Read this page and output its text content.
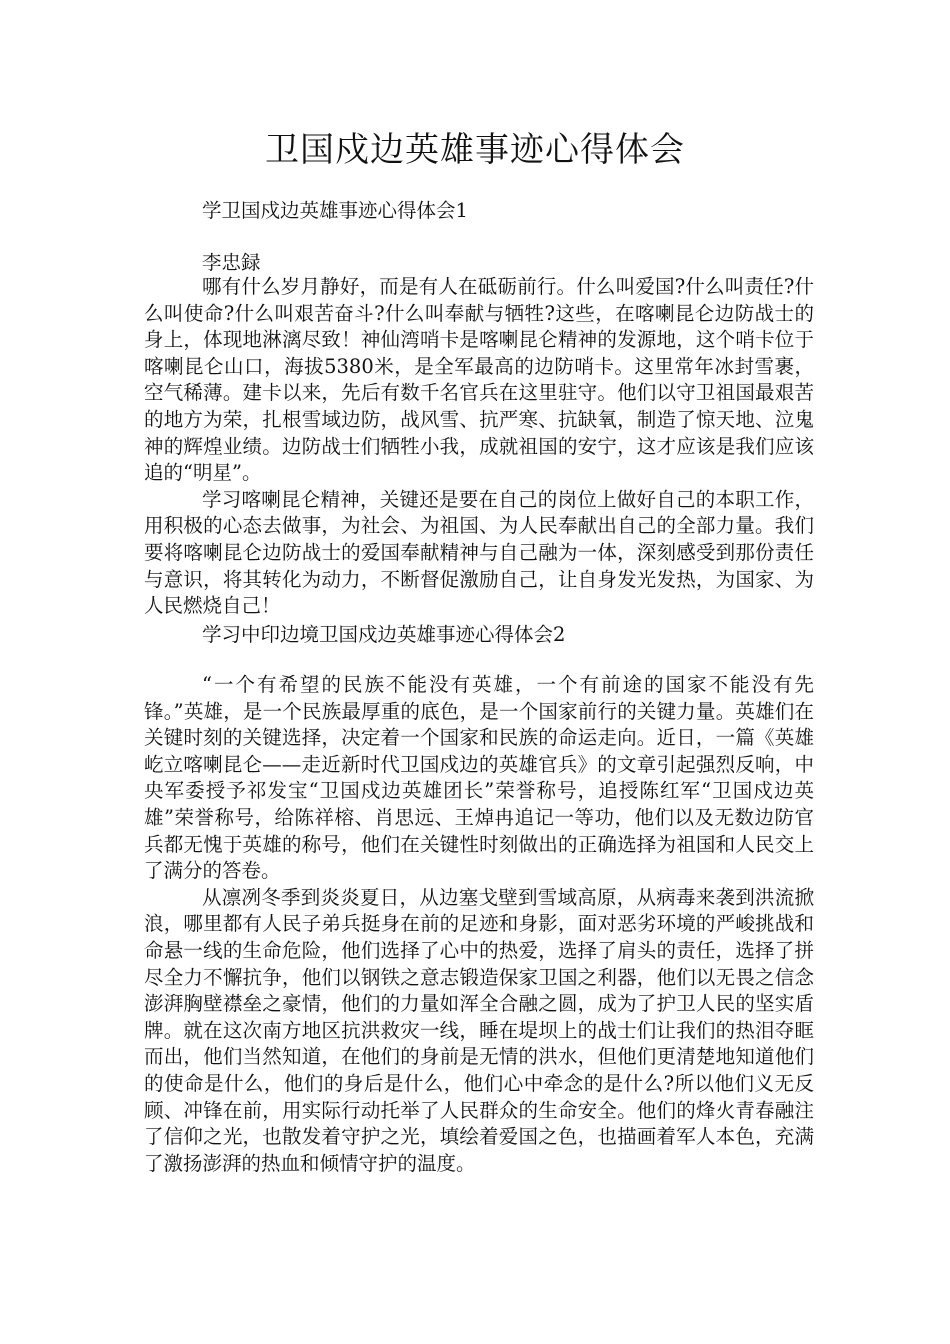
卫国戍边英雄事迹心得体会
学卫国戍边英雄事迹心得体会1
李忠録

哪有什么岁月静好，而是有人在砥砺前行。什么叫爱国?什么叫责任?什么叫使命?什么叫艰苦奋斗?什么叫奉献与牺牲?这些，在喀喇昆仑边防战士的身上，体现地淋漓尽致！神仙湾哨卡是喀喇昆仑精神的发源地，这个哨卡位于喀喇昆仑山口，海拔5380米，是全军最高的边防哨卡。这里常年冰封雪裹，空气稀薄。建卡以来，先后有数千名官兵在这里驻守。他们以守卫祖国最艰苦的地方为荣，扎根雪域边防，战风雪、抗严寒、抗缺氧，制造了惊天地、泣鬼神的辉煌业绩。边防战士们牺牲小我，成就祖国的安宁，这才应该是我们应该追的“明星”。

学习喀喇昆仑精神，关键还是要在自己的岗位上做好自己的本职工作，用积极的心态去做事，为社会、为祖国、为人民奉献出自己的全部力量。我们要将喀喇昆仑边防战士的爱国奉献精神与自己融为一体，深刻感受到那份责任与意识，将其转化为动力，不断督促激励自己，让自身发光发热，为国家、为人民燃烧自己！

学习中印边境卫国戍边英雄事迹心得体会2

“一个有希望的民族不能没有英雄，一个有前途的国家不能没有先锋。”英雄，是一个民族最厚重的底色，是一个国家前行的关键力量。英雄们在关键时刻的关键选择，决定着一个国家和民族的命运走向。近日，一篇《英雄屹立喀喇昆仑——走近新时代卫国戍边的英雄官兵》的文章引起强烈反响，中央军委授予祁发宝“卫国戍边英雄团长”荣誉称号，追授陈红军“卫国戍边英雄”荣誉称号，给陈祥榕、肖思远、王焯冉追记一等功，他们以及无数边防官兵都无愧于英雄的称号，他们在关键性时刻做出的正确选择为祖国和人民交上了满分的答卷。

从凛冽冬季到炎炎夏日，从边塞戈壁到雪域高原，从病毒来袭到洪流掀浪，哪里都有人民子弟兵挺身在前的足迹和身影，面对恶劣环境的严峻挑战和命悬一线的生命危险，他们选择了心中的热爱，选择了肩头的责任，选择了拼尽全力不懈抗争，他们以钢铁之意志锻造保家卫国之利器，他们以无畏之信念澎湃胸壁襟垒之豪情，他们的力量如浑全合融之圆，成为了护卫人民的坚实盾牌。就在这次南方地区抗洪救灾一线，睡在堤坝上的战士们让我们的热泪夺眶而出，他们当然知道，在他们的身前是无情的洪水，但他们更清楚地知道他们的使命是什么，他们的身后是什么，他们心中牵念的是什么?所以他们义无反顾、冲锋在前，用实际行动托举了人民群众的生命安全。他们的烽火青春融注了信仰之光，也散发着守护之光，填绘着爱国之色，也描画着军人本色，充满了激扬澎湃的热血和倾情守护的温度。
